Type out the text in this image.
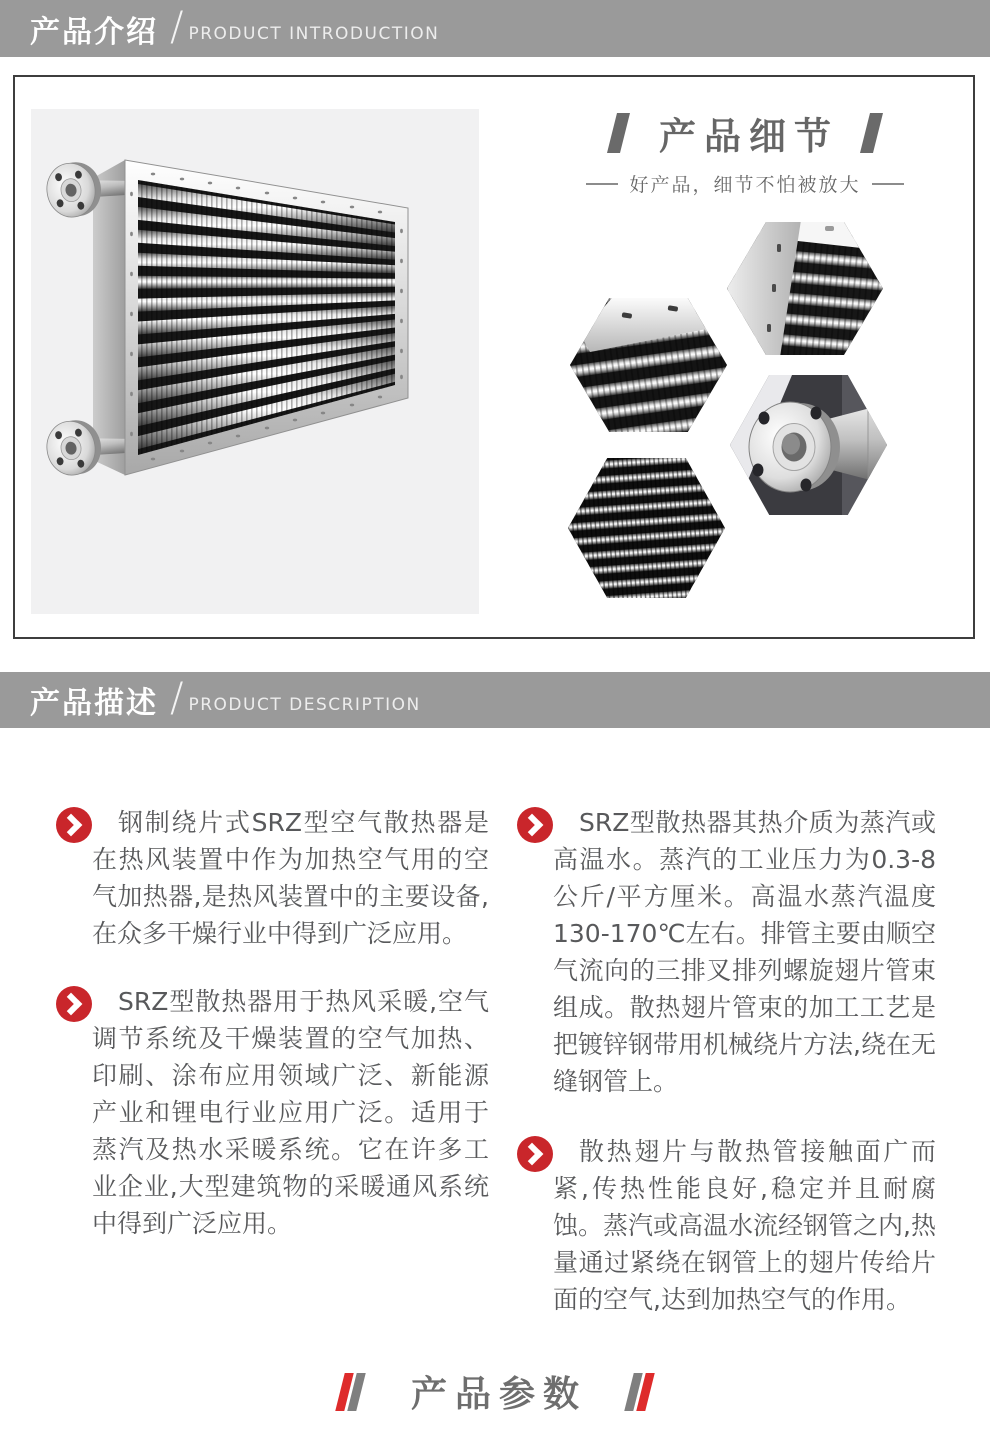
产品介绍 / PRODUCT INTRODUCTION
产品细节
好产品，细节不怕被放大
产品描述 / PRODUCT DESCRIPTION

钢制绕片式SRZ型空气散热器是在热风装置中作为加热空气用的空气加热器,是热风装置中的主要设备,在众多干燥行业中得到广泛应用。

SRZ型散热器用于热风采暖,空气调节系统及干燥装置的空气加热、印刷、涂布应用领域广泛、新能源产业和锂电行业应用广泛。适用于蒸汽及热水采暖系统。它在许多工业企业,大型建筑物的采暖通风系统中得到广泛应用。

SRZ型散热器其热介质为蒸汽或高温水。蒸汽的工业压力为0.3-8公斤/平方厘米。高温水蒸汽温度130-170℃左右。排管主要由顺空气流向的三排叉排列螺旋翅片管束组成。散热翅片管束的加工工艺是把镀锌钢带用机械绕片方法,绕在无缝钢管上。

散热翅片与散热管接触面广而紧,传热性能良好,稳定并且耐腐蚀。蒸汽或高温水流经钢管之内,热量通过紧绕在钢管上的翅片传给片面的空气,达到加热空气的作用。

产品参数
